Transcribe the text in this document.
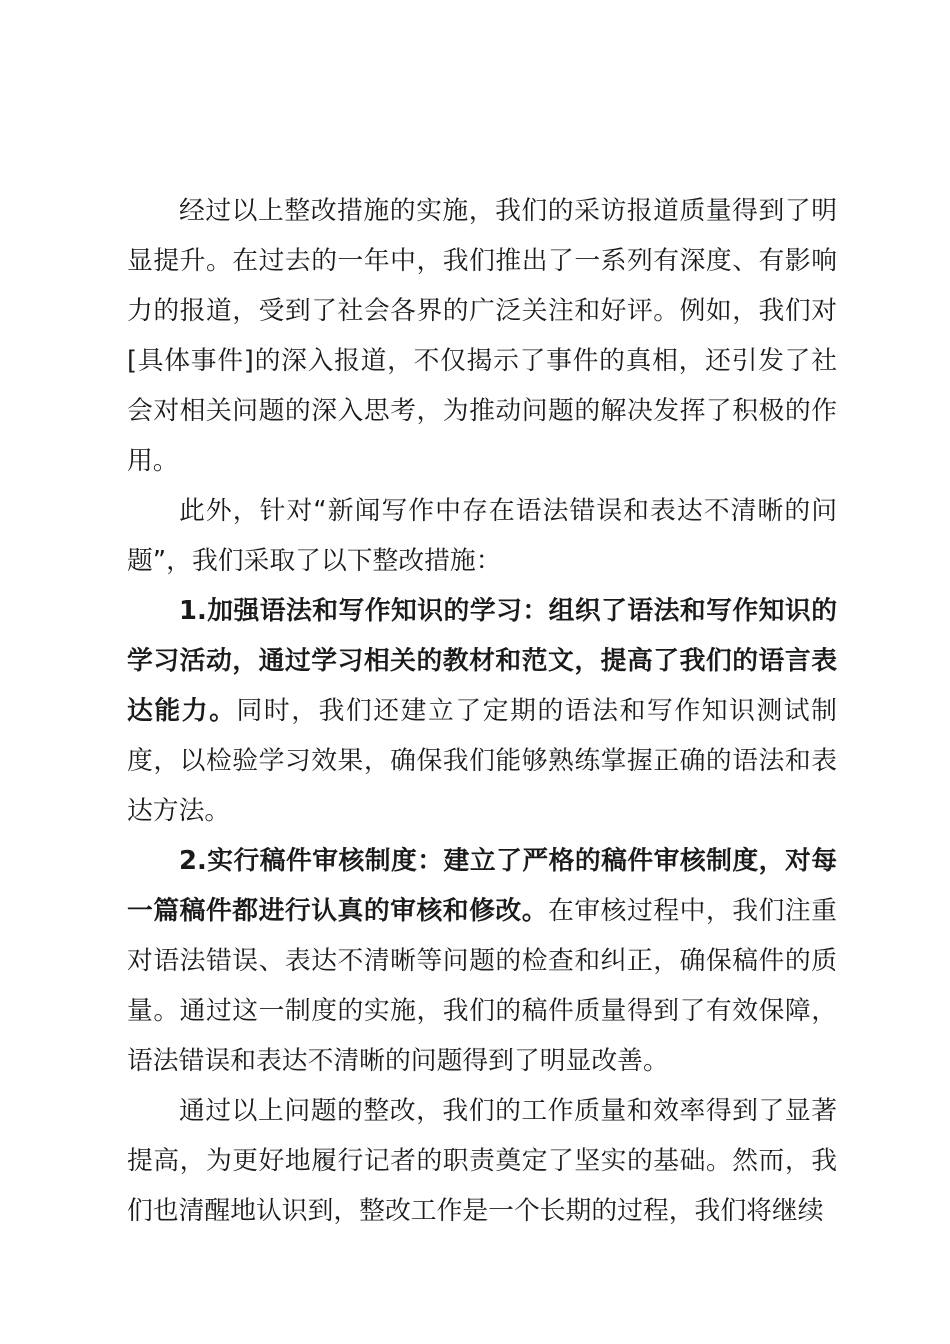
经过以上整改措施的实施，我们的采访报道质量得到了明显提升。在过去的一年中，我们推出了一系列有深度、有影响力的报道，受到了社会各界的广泛关注和好评。例如，我们对[具体事件]的深入报道，不仅揭示了事件的真相，还引发了社会对相关问题的深入思考，为推动问题的解决发挥了积极的作用。

此外，针对“新闻写作中存在语法错误和表达不清晰的问题”，我们采取了以下整改措施：

1.加强语法和写作知识的学习：组织了语法和写作知识的学习活动，通过学习相关的教材和范文，提高了我们的语言表达能力。同时，我们还建立了定期的语法和写作知识测试制度，以检验学习效果，确保我们能够熟练掌握正确的语法和表达方法。

2.实行稿件审核制度：建立了严格的稿件审核制度，对每一篇稿件都进行认真的审核和修改。在审核过程中，我们注重对语法错误、表达不清晰等问题的检查和纠正，确保稿件的质量。通过这一制度的实施，我们的稿件质量得到了有效保障，语法错误和表达不清晰的问题得到了明显改善。

通过以上问题的整改，我们的工作质量和效率得到了显著提高，为更好地履行记者的职责奠定了坚实的基础。然而，我们也清醒地认识到，整改工作是一个长期的过程，我们将继续
